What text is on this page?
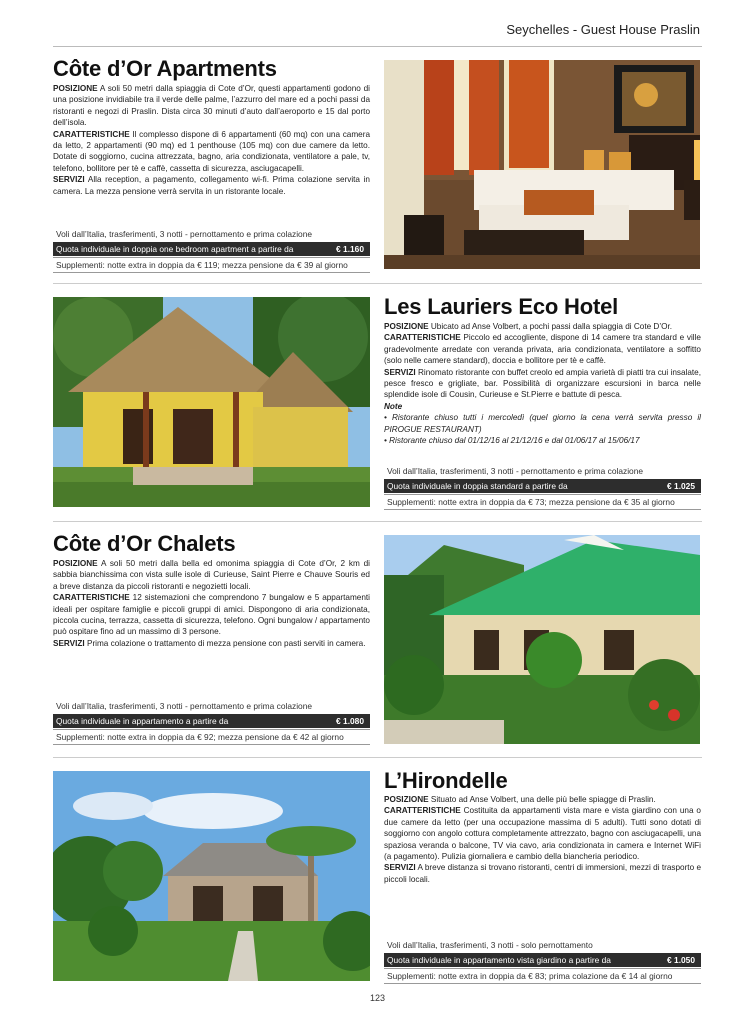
Seychelles - Guest House Praslin
Côte d’Or Apartments

POSIZIONE A soli 50 metri dalla spiaggia di Cote d’Or, questi appartamenti godono di una posizione invidiabile tra il verde delle palme, l’azzurro del mare ed a pochi passi da ristoranti e negozi di Praslin. Dista circa 30 minuti d’auto dall’aeroporto e 15 dal porto dell’isola.

CARATTERISTICHE Il complesso dispone di 6 appartamenti (60 mq) con una camera da letto, 2 appartamenti (90 mq) ed 1 penthouse (105 mq) con due camere da letto. Dotate di soggiorno, cucina attrezzata, bagno, aria condizionata, ventilatore a pale, tv, telefono, bollitore per tè e caffè, cassetta di sicurezza, asciugacapelli.

SERVIZI Alla reception, a pagamento, collegamento wi-fi. Prima colazione servita in camera. La mezza pensione verrà servita in un ristorante locale.

Voli dall’Italia, trasferimenti, 3 notti - pernottamento e prima colazione
Quota individuale in doppia one bedroom apartment a partire da	€ 1.160
Supplementi: notte extra in doppia da € 119; mezza pensione da € 39 al giorno
Les Lauriers Eco Hotel

POSIZIONE Ubicato ad Anse Volbert, a pochi passi dalla spiaggia di Cote D’Or.

CARATTERISTICHE Piccolo ed accogliente, dispone di 14 camere tra standard e ville gradevolmente arredate con veranda privata, aria condizionata, ventilatore a soffitto (solo nelle camere standard), doccia e bollitore per tè e caffè.

SERVIZI Rinomato ristorante con buffet creolo ed ampia varietà di piatti tra cui insalate, pesce fresco e grigliate, bar. Possibilità di organizzare escursioni in barca nelle splendide isole di Cousin, Curieuse e St.Pierre e battute di pesca.

Note

• Ristorante chiuso tutti i mercoledì (quel giorno la cena verrà servita presso il PIROGUE RESTAURANT)

• Ristorante chiuso dal 01/12/16 al 21/12/16 e dal 01/06/17 al 15/06/17

Voli dall’Italia, trasferimenti, 3 notti - pernottamento e prima colazione
Quota individuale in doppia standard a partire da	€ 1.025
Supplementi: notte extra in doppia da € 73; mezza pensione da € 35 al giorno
Côte d’Or Chalets

POSIZIONE A soli 50 metri dalla bella ed omonima spiaggia di Cote d’Or, 2 km di sabbia bianchissima con vista sulle isole di Curieuse, Saint Pierre e Chauve Souris ed a breve distanza da piccoli ristoranti e negozietti locali.

CARATTERISTICHE 12 sistemazioni che comprendono 7 bungalow e 5 appartamenti ideali per ospitare famiglie e piccoli gruppi di amici. Dispongono di aria condizionata, piccola cucina, terrazza, cassetta di sicurezza, telefono. Ogni bungalow / appartamento può ospitare fino ad un massimo di 3 persone.

SERVIZI Prima colazione o trattamento di mezza pensione con pasti serviti in camera.

Voli dall’Italia, trasferimenti, 3 notti - pernottamento e prima colazione
Quota individuale in appartamento a partire da	€ 1.080
Supplementi: notte extra in doppia da € 92; mezza pensione da € 42 al giorno
L’Hirondelle

POSIZIONE Situato ad Anse Volbert, una delle più belle spiagge di Praslin.

CARATTERISTICHE Costituita da appartamenti vista mare e vista giardino con una o due camere da letto (per una occupazione massima di 5 adulti). Tutti sono dotati di soggiorno con angolo cottura completamente attrezzato, bagno con asciugacapelli, una spaziosa veranda o balcone, TV via cavo, aria condizionata in camera e Internet WiFi (a pagamento). Pulizia giornaliera e cambio della biancheria periodico.

SERVIZI A breve distanza si trovano ristoranti, centri di immersioni, mezzi di trasporto e piccoli locali.

Voli dall’Italia, trasferimenti, 3 notti - solo pernottamento
Quota individuale in appartamento vista giardino a partire da	€ 1.050
Supplementi: notte extra in doppia da € 83; prima colazione da € 14 al giorno
123
